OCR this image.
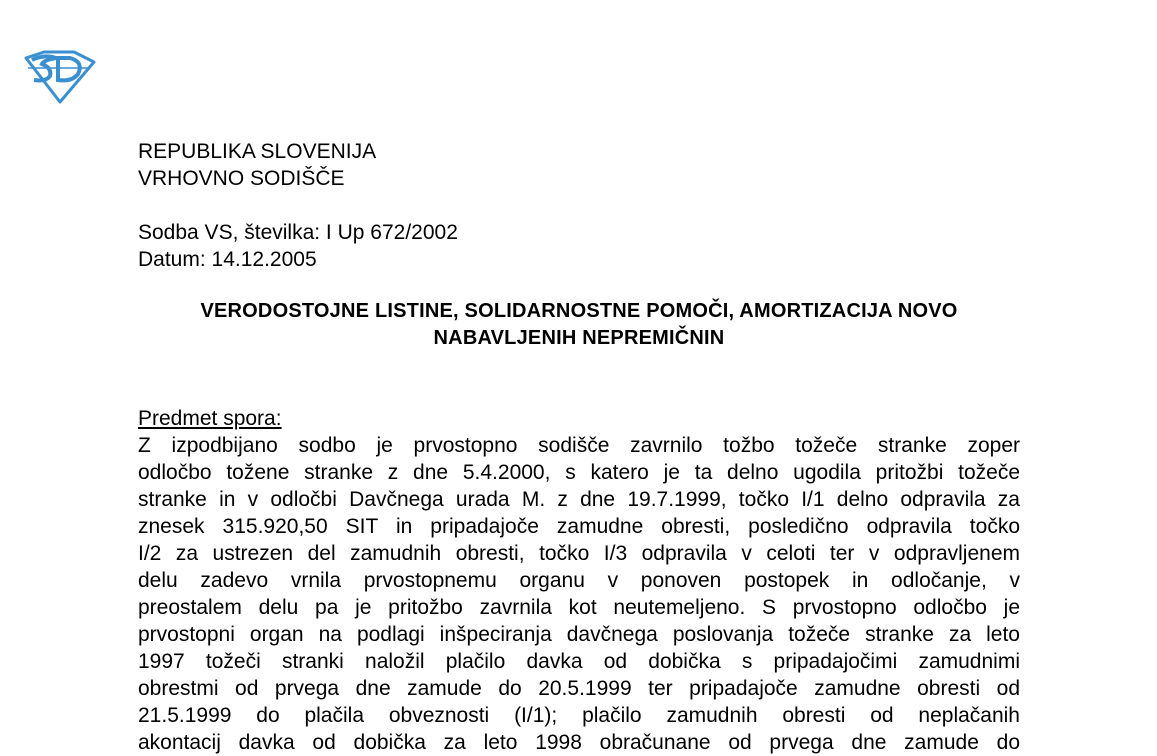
REPUBLIKA SLOVENIJA
VRHOVNO SODIŠČE
Sodba VS, številka: I Up 672/2002
Datum: 14.12.2005
VERODOSTOJNE LISTINE, SOLIDARNOSTNE POMOČI, AMORTIZACIJA NOVO
NABAVLJENIH NEPREMIČNIN
Predmet spora:
Z izpodbijano sodbo je prvostopno sodišče zavrnilo tožbo tožeče stranke zoper
odločbo tožene stranke z dne 5.4.2000, s katero je ta delno ugodila pritožbi tožeče
stranke in v odločbi Davčnega urada M. z dne 19.7.1999, točko I/1 delno odpravila za
znesek 315.920,50 SIT in pripadajoče zamudne obresti, posledično odpravila točko
I/2 za ustrezen del zamudnih obresti, točko I/3 odpravila v celoti ter v odpravljenem
delu zadevo vrnila prvostopnemu organu v ponoven postopek in odločanje, v
preostalem delu pa je pritožbo zavrnila kot neutemeljeno. S prvostopno odločbo je
prvostopni organ na podlagi inšpeciranja davčnega poslovanja tožeče stranke za leto
1997 tožeči stranki naložil plačilo davka od dobička s pripadajočimi zamudnimi
obrestmi od prvega dne zamude do 20.5.1999 ter pripadajoče zamudne obresti od
21.5.1999 do plačila obveznosti (I/1); plačilo zamudnih obresti od neplačanih
akontacij davka od dobička za leto 1998 obračunane od prvega dne zamude do
